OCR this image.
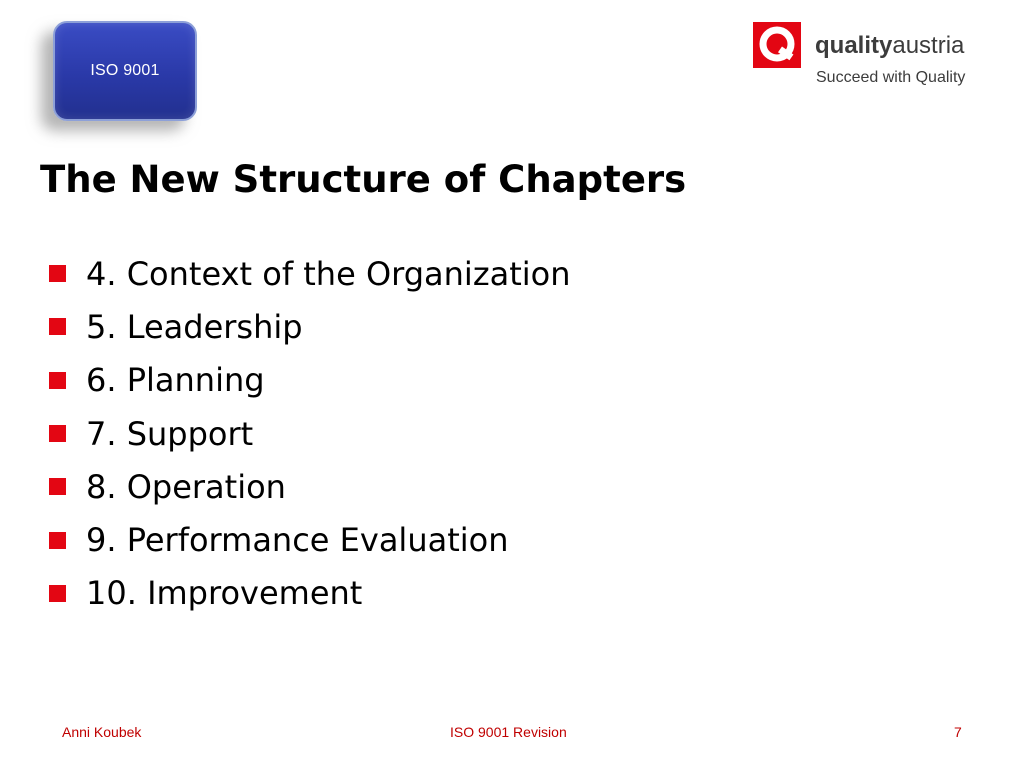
ISO 9001
qualityaustria
Succeed with Quality
The New Structure of Chapters
4. Context of the Organization
5. Leadership
6. Planning
7. Support
8. Operation
9. Performance Evaluation
10. Improvement
Anni Koubek	ISO 9001 Revision	7
